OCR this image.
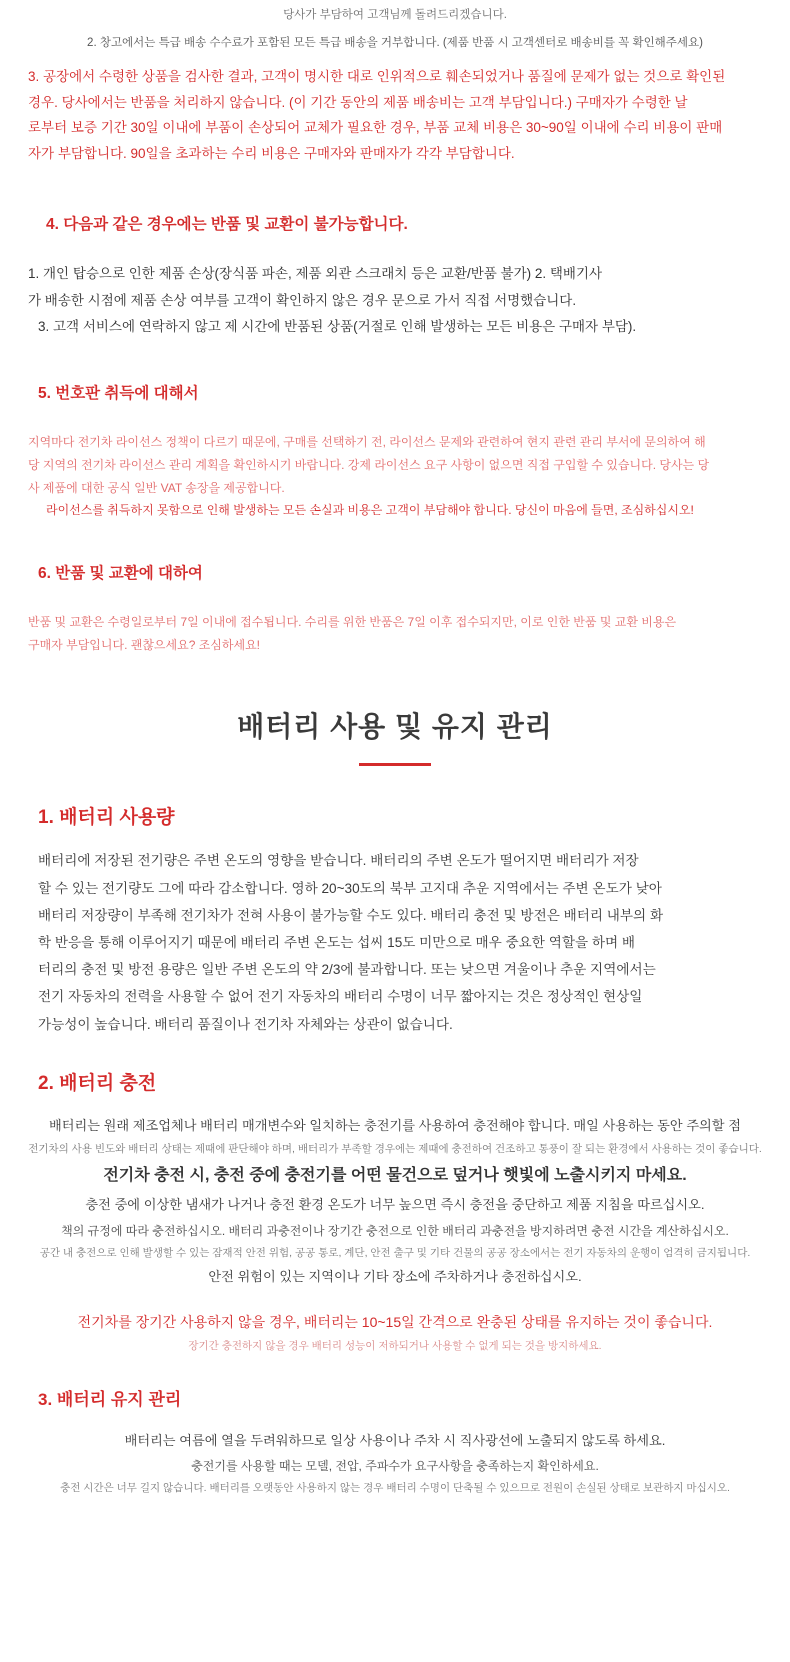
당사가 부담하여 고객님께 돌려드리겠습니다.

2. 창고에서는 특급 배송 수수료가 포함된 모든 특급 배송을 거부합니다. (제품 반품 시 고객센터로 배송비를 꼭 확인해주세요)

3. 공장에서 수령한 상품을 검사한 결과, 고객이 명시한 대로 인위적으로 훼손되었거나 품질에 문제가 없는 것으로 확인된

경우. 당사에서는 반품을 처리하지 않습니다. (이 기간 동안의 제품 배송비는 고객 부담입니다.) 구매자가 수령한 날

로부터 보증 기간 30일 이내에 부품이 손상되어 교체가 필요한 경우, 부품 교체 비용은 30~90일 이내에 수리 비용이 판매

자가 부담합니다. 90일을 초과하는 수리 비용은 구매자와 판매자가 각각 부담합니다.

4. 다음과 같은 경우에는 반품 및 교환이 불가능합니다.

1. 개인 탑승으로 인한 제품 손상(장식품 파손, 제품 외관 스크래치 등은 교환/반품 불가) 2. 택배기사

가 배송한 시점에 제품 손상 여부를 고객이 확인하지 않은 경우 문으로 가서 직접 서명했습니다.

3. 고객 서비스에 연락하지 않고 제 시간에 반품된 상품(거절로 인해 발생하는 모든 비용은 구매자 부담).

5. 번호판 취득에 대해서

지역마다 전기차 라이선스 정책이 다르기 때문에, 구매를 선택하기 전, 라이선스 문제와 관련하여 현지 관련 관리 부서에 문의하여 해

당 지역의 전기차 라이선스 관리 계획을 확인하시기 바랍니다. 강제 라이선스 요구 사항이 없으면 직접 구입할 수 있습니다. 당사는 당

사 제품에 대한 공식 일반 VAT 송장을 제공합니다.

라이선스를 취득하지 못함으로 인해 발생하는 모든 손실과 비용은 고객이 부담해야 합니다. 당신이 마음에 들면, 조심하십시오!

6. 반품 및 교환에 대하여

반품 및 교환은 수령일로부터 7일 이내에 접수됩니다. 수리를 위한 반품은 7일 이후 접수되지만, 이로 인한 반품 및 교환 비용은

구매자 부담입니다. 괜찮으세요? 조심하세요!

배터리 사용 및 유지 관리

1. 배터리 사용량

배터리에 저장된 전기량은 주변 온도의 영향을 받습니다. 배터리의 주변 온도가 떨어지면 배터리가 저장

할 수 있는 전기량도 그에 따라 감소합니다. 영하 20~30도의 북부 고지대 추운 지역에서는 주변 온도가 낮아

배터리 저장량이 부족해 전기차가 전혀 사용이 불가능할 수도 있다. 배터리 충전 및 방전은 배터리 내부의 화

학 반응을 통해 이루어지기 때문에 배터리 주변 온도는 섭씨 15도 미만으로 매우 중요한 역할을 하며 배

터리의 충전 및 방전 용량은 일반 주변 온도의 약 2/3에 불과합니다. 또는 낮으면 겨울이나 추운 지역에서는

전기 자동차의 전력을 사용할 수 없어 전기 자동차의 배터리 수명이 너무 짧아지는 것은 정상적인 현상일

가능성이 높습니다. 배터리 품질이나 전기차 자체와는 상관이 없습니다.

2. 배터리 충전

배터리는 원래 제조업체나 배터리 매개변수와 일치하는 충전기를 사용하여 충전해야 합니다. 매일 사용하는 동안 주의할 점

전기차의 사용 빈도와 배터리 상태는 제때에 판단해야 하며, 배터리가 부족할 경우에는 제때에 충전하여 건조하고 통풍이 잘 되는 환경에서 사용하는 것이 좋습니다.

전기차 충전 시, 충전 중에 충전기를 어떤 물건으로 덮거나 햇빛에 노출시키지 마세요.

충전 중에 이상한 냄새가 나거나 충전 환경 온도가 너무 높으면 즉시 충전을 중단하고 제품 지침을 따르십시오.

책의 규정에 따라 충전하십시오. 배터리 과충전이나 장기간 충전으로 인한 배터리 과충전을 방지하려면 충전 시간을 계산하십시오.

공간 내 충전으로 인해 발생할 수 있는 잠재적 안전 위험, 공공 통로, 계단, 안전 출구 및 기타 건물의 공공 장소에서는 전기 자동차의 운행이 엄격히 금지됩니다.

안전 위험이 있는 지역이나 기타 장소에 주차하거나 충전하십시오.

전기차를 장기간 사용하지 않을 경우, 배터리는 10~15일 간격으로 완충된 상태를 유지하는 것이 좋습니다.

장기간 충전하지 않을 경우 배터리 성능이 저하되거나 사용할 수 없게 되는 것을 방지하세요.

3. 배터리 유지 관리

배터리는 여름에 열을 두려워하므로 일상 사용이나 주차 시 직사광선에 노출되지 않도록 하세요.

충전기를 사용할 때는 모델, 전압, 주파수가 요구사항을 충족하는지 확인하세요.

충전 시간은 너무 길지 않습니다. 배터리를 오랫동안 사용하지 않는 경우 배터리 수명이 단축될 수 있으므로 전원이 손실된 상태로 보관하지 마십시오.
